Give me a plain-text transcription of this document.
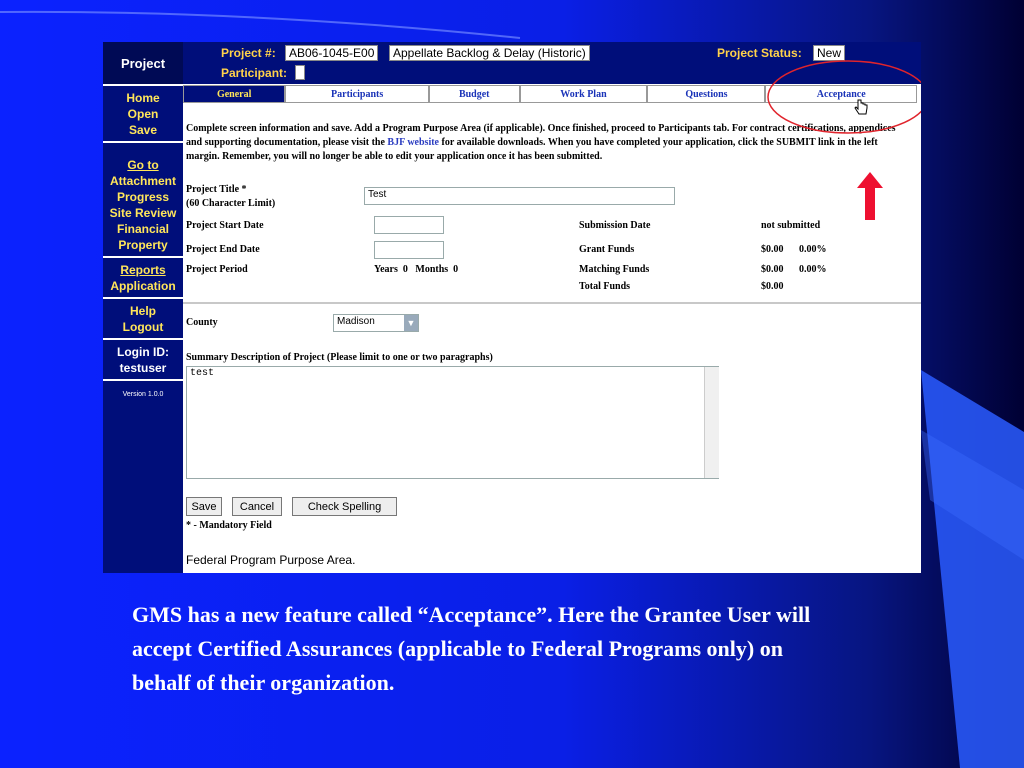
Project
Home
Open
Save
Go to
Attachment
Progress
Site Review
Financial
Property
Reports
Application
Help
Logout
Login ID:
testuser
Version 1.0.0
Project #:	AB06-1045-E00	Appellate Backlog & Delay (Historic)
Participant:
Project Status:	New
General	Participants	Budget	Work Plan	Questions	Acceptance
Complete screen information and save. Add a Program Purpose Area (if applicable). Once finished, proceed to Participants tab. For contract certifications, appendices and supporting documentation, please visit the BJF website for available downloads. When you have completed your application, click the SUBMIT link in the left margin. Remember, you will no longer be able to edit your application once it has been submitted.
Project Title *
(60 Character Limit)
Test
Project Start Date
Project End Date
Project Period	Years  0   Months  0
Submission Date	not submitted
Grant Funds	$0.00 0.00%
Matching Funds	$0.00 0.00%
Total Funds	$0.00
County	Madison	▼
Summary Description of Project (Please limit to one or two paragraphs)
test
Save	Cancel	Check Spelling
* - Mandatory Field
Federal Program Purpose Area.
GMS has a new feature called “Acceptance”. Here the Grantee User will accept Certified Assurances (applicable to Federal Programs only) on behalf of their organization.
